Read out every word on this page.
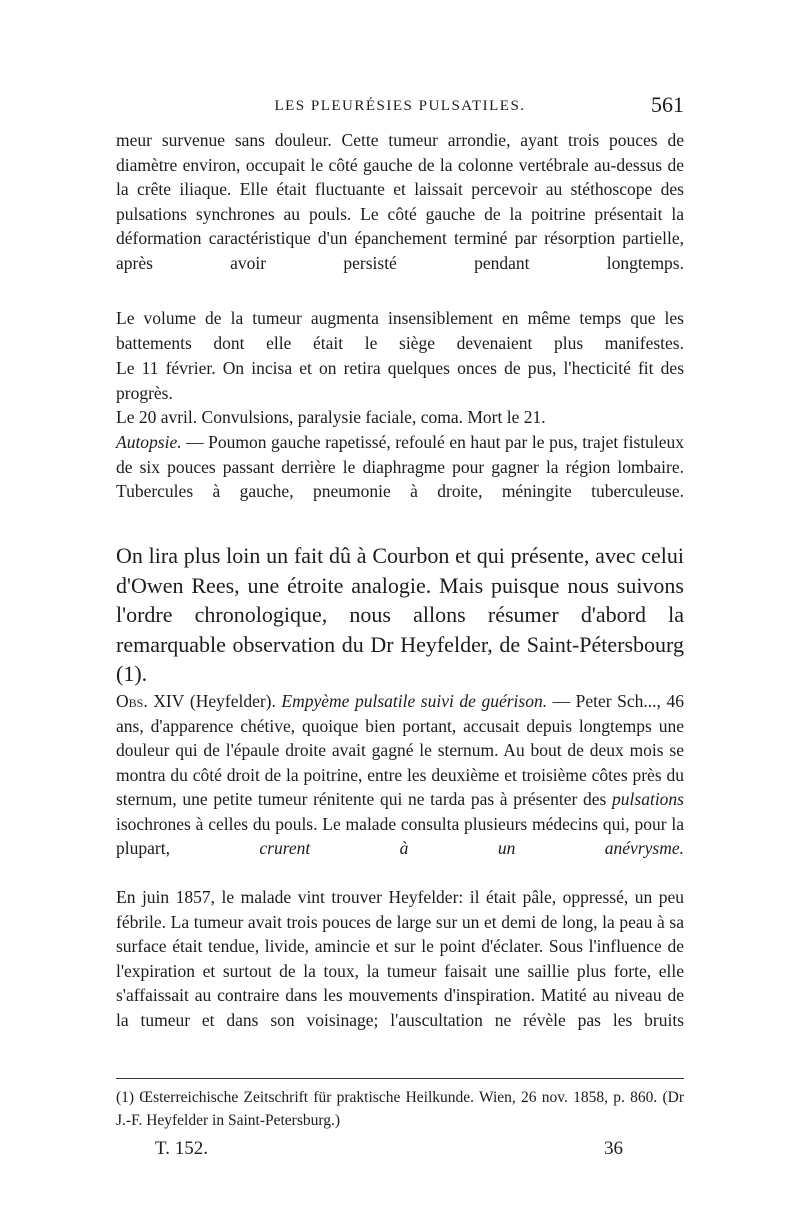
LES PLEURÉSIES PULSATILES.	561

meur survenue sans douleur. Cette tumeur arrondie, ayant trois pouces de diamètre environ, occupait le côté gauche de la colonne vertébrale au-dessus de la crête iliaque. Elle était fluctuante et laissait percevoir au stéthoscope des pulsations synchrones au pouls. Le côté gauche de la poitrine présentait la déformation caractéristique d'un épanchement terminé par résorption partielle, après avoir persisté pendant longtemps.

Le volume de la tumeur augmenta insensiblement en même temps que les battements dont elle était le siège devenaient plus manifestes.

Le 11 février. On incisa et on retira quelques onces de pus, l'hecticité fit des progrès.

Le 20 avril. Convulsions, paralysie faciale, coma. Mort le 21.

Autopsie. — Poumon gauche rapetissé, refoulé en haut par le pus, trajet fistuleux de six pouces passant derrière le diaphragme pour gagner la région lombaire. Tubercules à gauche, pneumonie à droite, méningite tuberculeuse.

On lira plus loin un fait dû à Courbon et qui présente, avec celui d'Owen Rees, une étroite analogie. Mais puisque nous suivons l'ordre chronologique, nous allons résumer d'abord la remarquable observation du Dr Heyfelder, de Saint-Pétersbourg (1).

Obs. XIV (Heyfelder). Empyème pulsatile suivi de guérison. — Peter Sch..., 46 ans, d'apparence chétive, quoique bien portant, accusait depuis longtemps une douleur qui de l'épaule droite avait gagné le sternum. Au bout de deux mois se montra du côté droit de la poitrine, entre les deuxième et troisième côtes près du sternum, une petite tumeur rénitente qui ne tarda pas à présenter des pulsations isochrones à celles du pouls. Le malade consulta plusieurs médecins qui, pour la plupart, crurent à un anévrysme.

En juin 1857, le malade vint trouver Heyfelder: il était pâle, oppressé, un peu fébrile. La tumeur avait trois pouces de large sur un et demi de long, la peau à sa surface était tendue, livide, amincie et sur le point d'éclater. Sous l'influence de l'expiration et surtout de la toux, la tumeur faisait une saillie plus forte, elle s'affaissait au contraire dans les mouvements d'inspiration. Matité au niveau de la tumeur et dans son voisinage; l'auscultation ne révèle pas les bruits

(1) Œsterreichische Zeitschrift für praktische Heilkunde. Wien, 26 nov. 1858, p. 860. (Dr J.-F. Heyfelder in Saint-Petersburg.)

T. 152.	36
